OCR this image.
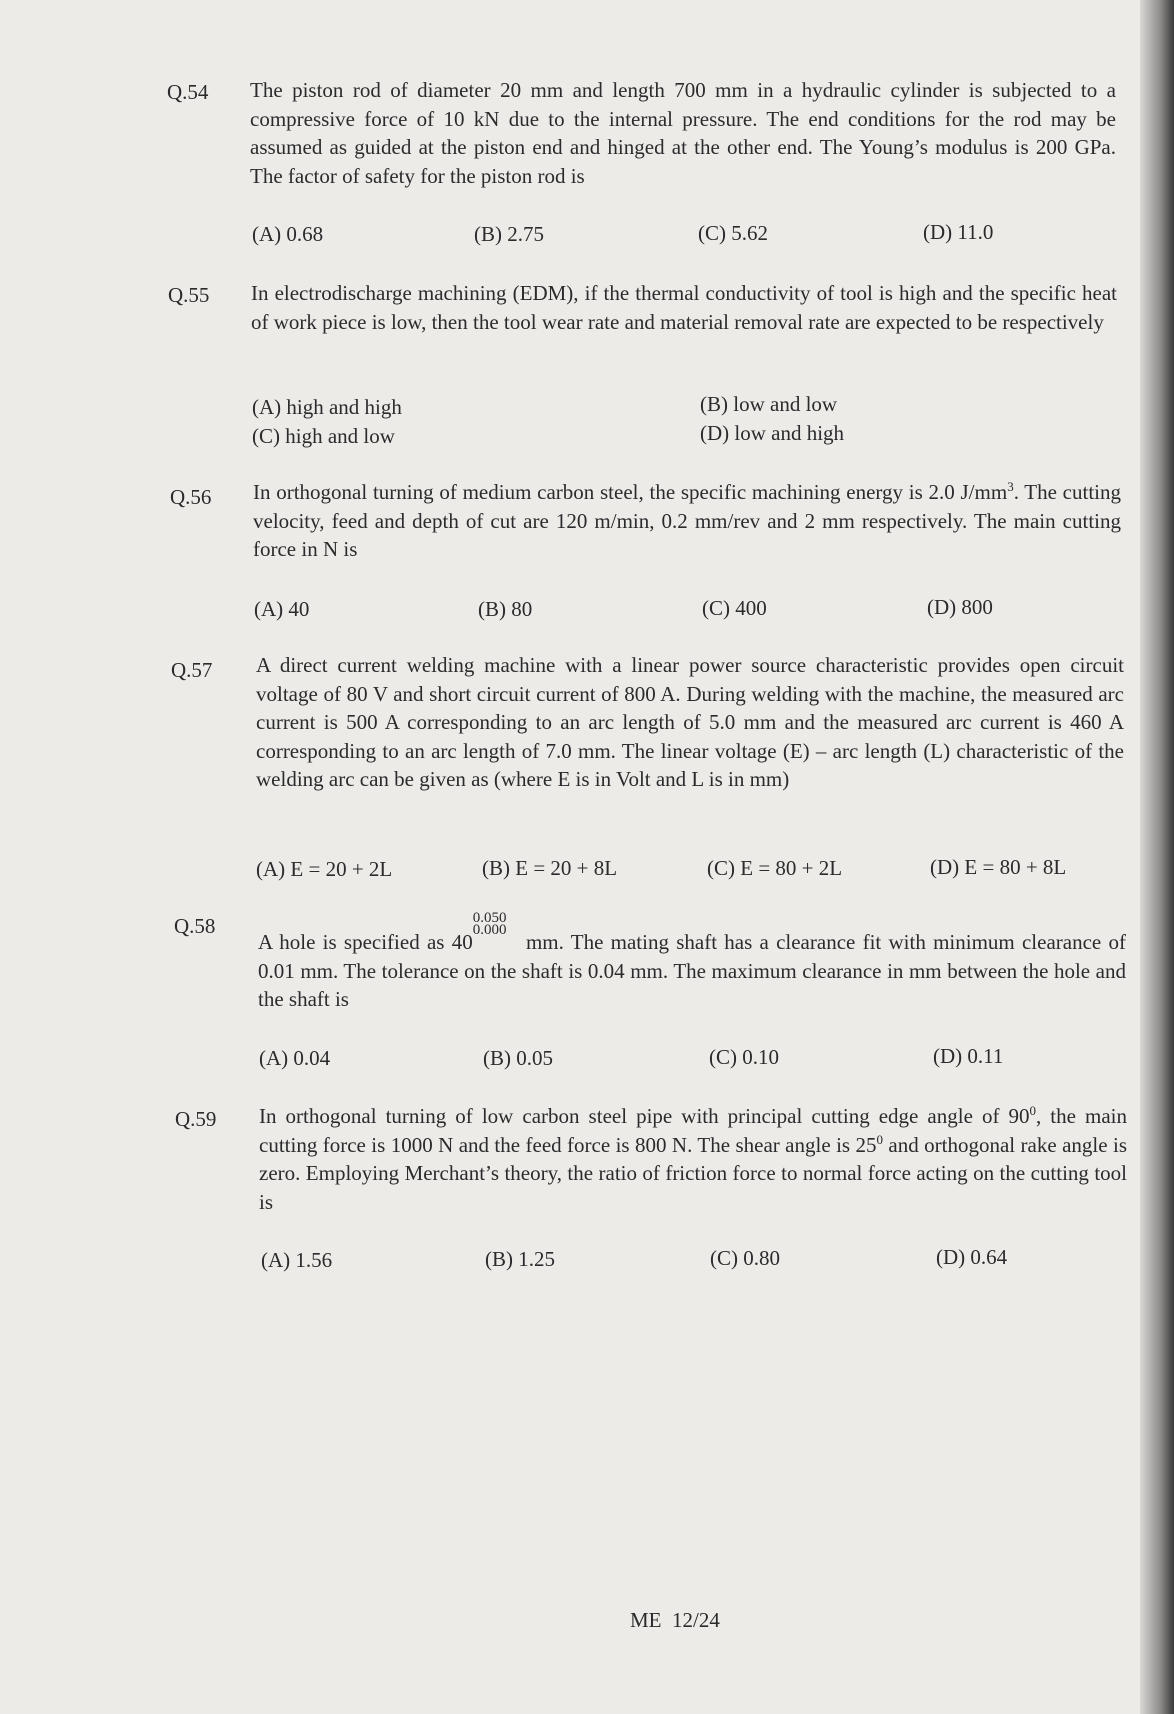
Q.54 The piston rod of diameter 20 mm and length 700 mm in a hydraulic cylinder is subjected to a compressive force of 10 kN due to the internal pressure. The end conditions for the rod may be assumed as guided at the piston end and hinged at the other end. The Young’s modulus is 200 GPa. The factor of safety for the piston rod is
(A) 0.68	(B) 2.75	(C) 5.62	(D) 11.0
Q.55 In electrodischarge machining (EDM), if the thermal conductivity of tool is high and the specific heat of work piece is low, then the tool wear rate and material removal rate are expected to be respectively
(A) high and high	(B) low and low
(C) high and low	(D) low and high
Q.56 In orthogonal turning of medium carbon steel, the specific machining energy is 2.0 $J/mm^3$. The cutting velocity, feed and depth of cut are 120 m/min, 0.2 mm/rev and 2 mm respectively. The main cutting force in N is
(A) 40	(B) 80	(C) 400	(D) 800
Q.57 A direct current welding machine with a linear power source characteristic provides open circuit voltage of 80 V and short circuit current of 800 A. During welding with the machine, the measured arc current is 500 A corresponding to an arc length of 5.0 mm and the measured arc current is 460 A corresponding to an arc length of 7.0 mm. The linear voltage (E) – arc length (L) characteristic of the welding arc can be given as (where E is in Volt and L is in mm)
(A) E = 20 + 2L	(B) E = 20 + 8L	(C) E = 80 + 2L	(D) E = 80 + 8L
Q.58
A hole is specified as 40
0.050
0.000 mm. The mating shaft has a clearance fit with minimum clearance of 0.01 mm. The tolerance on the shaft is 0.04 mm. The maximum clearance in mm between the hole and the shaft is
(A) 0.04	(B) 0.05	(C) 0.10	(D) 0.11
Q.59 In orthogonal turning of low carbon steel pipe with principal cutting edge angle of $90^0$, the main cutting force is 1000 N and the feed force is 800 N. The shear angle is $25^0$ and orthogonal rake angle is zero. Employing Merchant’s theory, the ratio of friction force to normal force acting on the cutting tool is
(A) 1.56	(B) 1.25	(C) 0.80	(D) 0.64
ME 12/24
